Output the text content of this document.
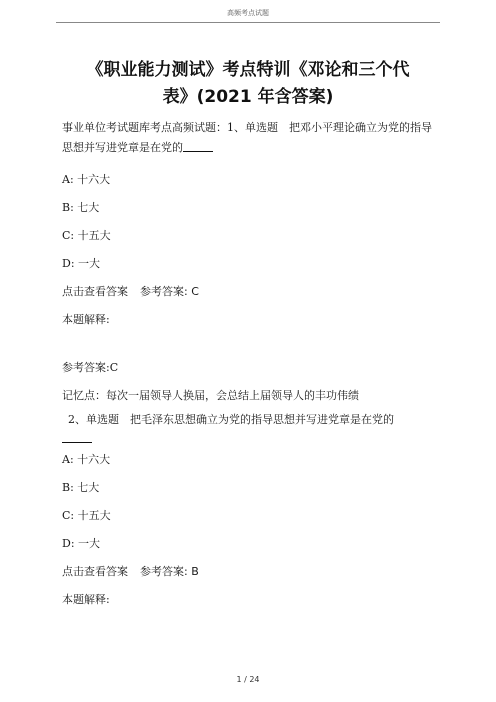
高频考点试题
《职业能力测试》考点特训《邓论和三个代
表》(2021 年含答案)

事业单位考试题库考点高频试题：1、单选题　把邓小平理论确立为党的指导思想并写进党章是在党的

A: 十六大
B: 七大
C: 十五大
D: 一大
点击查看答案 参考答案: C
本题解释:
参考答案:C
记忆点：每次一届领导人换届，会总结上届领导人的丰功伟绩

2、单选题　把毛泽东思想确立为党的指导思想并写进党章是在党的

A: 十六大
B: 七大
C: 十五大
D: 一大
点击查看答案 参考答案: B
本题解释:
1 / 24
